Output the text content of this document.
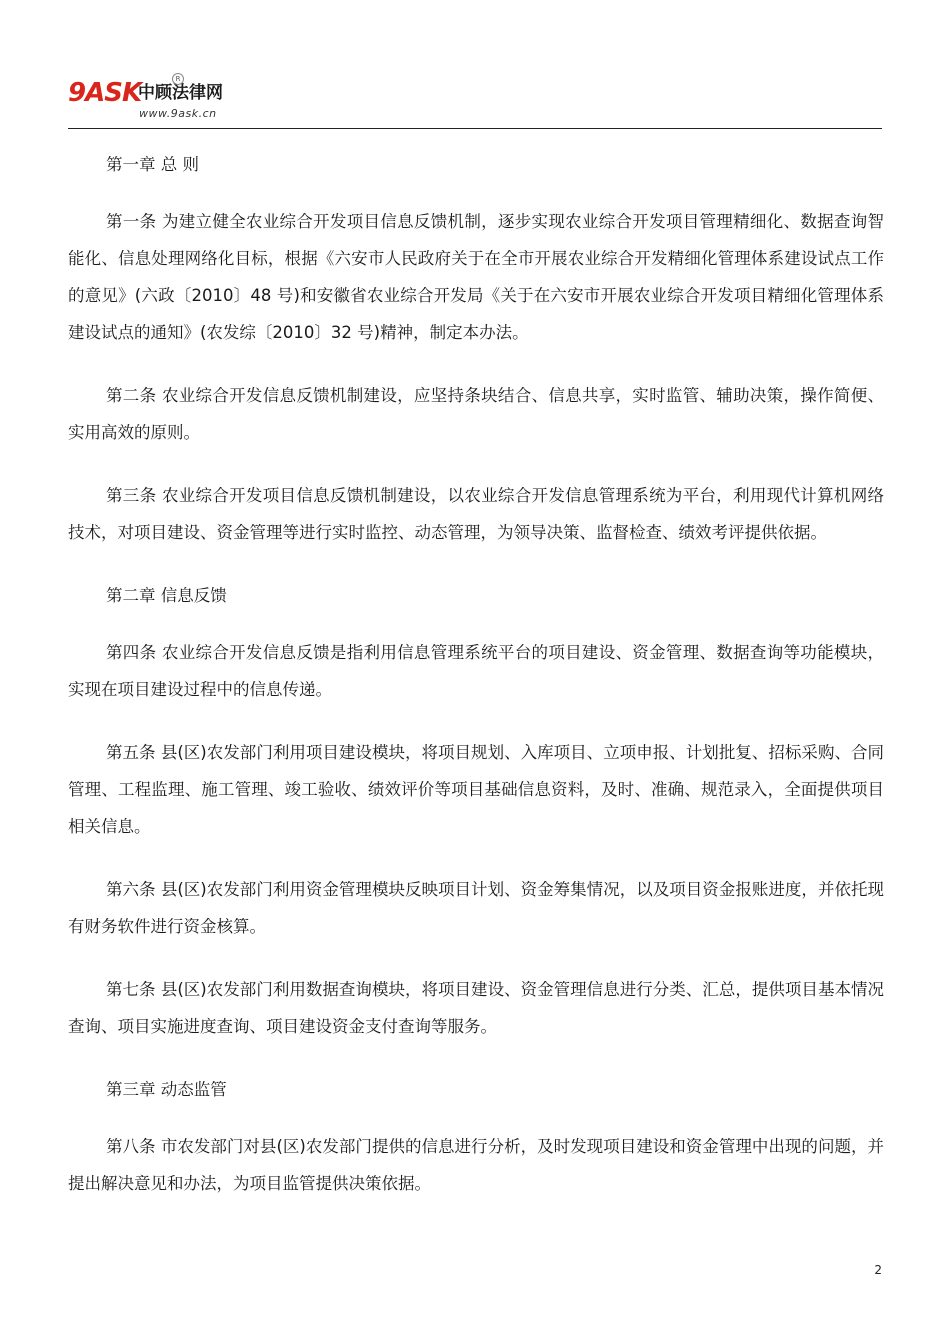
9ASK
中顾法律网
R
www.9ask.cn

第一章 总 则

第一条 为建立健全农业综合开发项目信息反馈机制，逐步实现农业综合开发项目管理精细化、数据查询智能化、信息处理网络化目标，根据《六安市人民政府关于在全市开展农业综合开发精细化管理体系建设试点工作的意见》(六政〔2010〕48 号)和安徽省农业综合开发局《关于在六安市开展农业综合开发项目精细化管理体系建设试点的通知》(农发综〔2010〕32 号)精神，制定本办法。

第二条 农业综合开发信息反馈机制建设，应坚持条块结合、信息共享，实时监管、辅助决策，操作简便、实用高效的原则。

第三条 农业综合开发项目信息反馈机制建设，以农业综合开发信息管理系统为平台，利用现代计算机网络技术，对项目建设、资金管理等进行实时监控、动态管理，为领导决策、监督检查、绩效考评提供依据。

第二章 信息反馈

第四条 农业综合开发信息反馈是指利用信息管理系统平台的项目建设、资金管理、数据查询等功能模块，实现在项目建设过程中的信息传递。

第五条 县(区)农发部门利用项目建设模块，将项目规划、入库项目、立项申报、计划批复、招标采购、合同管理、工程监理、施工管理、竣工验收、绩效评价等项目基础信息资料，及时、准确、规范录入，全面提供项目相关信息。

第六条 县(区)农发部门利用资金管理模块反映项目计划、资金筹集情况，以及项目资金报账进度，并依托现有财务软件进行资金核算。

第七条 县(区)农发部门利用数据查询模块，将项目建设、资金管理信息进行分类、汇总，提供项目基本情况查询、项目实施进度查询、项目建设资金支付查询等服务。

第三章 动态监管

第八条 市农发部门对县(区)农发部门提供的信息进行分析，及时发现项目建设和资金管理中出现的问题，并提出解决意见和办法，为项目监管提供决策依据。

2
